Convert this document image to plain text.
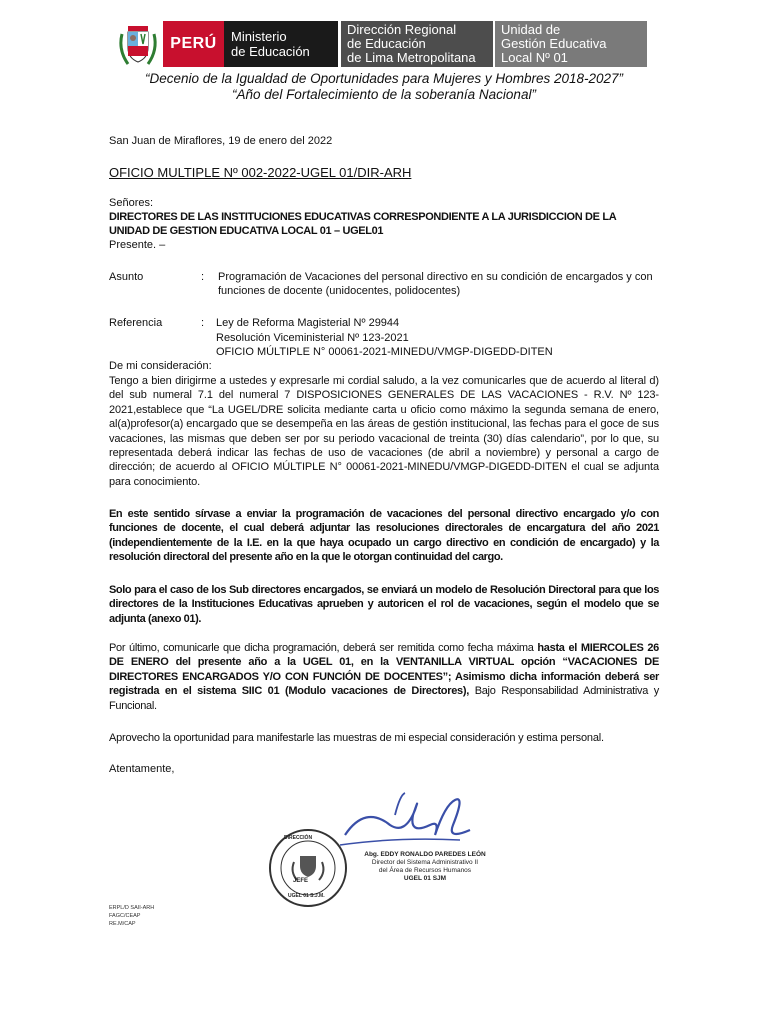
PERÚ	Ministerio
de Educación
Dirección Regional
de Educación
de Lima Metropolitana
Unidad de
Gestión Educativa
Local Nº 01
“Decenio de la Igualdad de Oportunidades para Mujeres y Hombres 2018-2027”
“Año del Fortalecimiento de la soberanía Nacional”
San Juan de Miraflores, 19 de enero del 2022
OFICIO MULTIPLE Nº 002-2022-UGEL 01/DIR-ARH
Señores:
DIRECTORES DE LAS INSTITUCIONES EDUCATIVAS CORRESPONDIENTE A LA JURISDICCION DE LA UNIDAD DE GESTION EDUCATIVA LOCAL 01 – UGEL01
Presente. –
Asunto	: Programación de Vacaciones del personal directivo en su condición de encargados y con funciones de docente (unidocentes, polidocentes)
Referencia	: Ley de Reforma Magisterial Nº 29944
Resolución Viceministerial Nº 123-2021
OFICIO MÚLTIPLE N° 00061-2021-MINEDU/VMGP-DIGEDD-DITEN
De mi consideración:
Tengo a bien dirigirme a ustedes y expresarle mi cordial saludo, a la vez comunicarles que de acuerdo al literal d) del sub numeral 7.1 del numeral 7 DISPOSICIONES GENERALES DE LAS VACACIONES - R.V. Nº 123-2021,establece que “La UGEL/DRE solicita mediante carta u oficio como máximo la segunda semana de enero, al(a)profesor(a) encargado que se desempeña en las áreas de gestión institucional, las fechas para el goce de sus vacaciones, las mismas que deben ser por su periodo vacacional de treinta (30) días calendario”, por lo que, su representada deberá indicar las fechas de uso de vacaciones (de abril a noviembre) y personal a cargo de dirección; de acuerdo al OFICIO MÚLTIPLE N° 00061-2021-MINEDU/VMGP-DIGEDD-DITEN el cual se adjunta para conocimiento.
En este sentido sírvase a enviar la programación de vacaciones del personal directivo encargado y/o con funciones de docente, el cual deberá adjuntar las resoluciones directorales de encargatura del año 2021 (independientemente de la I.E. en la que haya ocupado un cargo directivo en condición de encargado) y la resolución directoral del presente año en la que le otorgan continuidad del cargo.
Solo para el caso de los Sub directores encargados, se enviará un modelo de Resolución Directoral para que los directores de la Instituciones Educativas aprueben y autoricen el rol de vacaciones, según el modelo que se adjunta (anexo 01).
Por último, comunicarle que dicha programación, deberá ser remitida como fecha máxima hasta el MIERCOLES 26 DE ENERO del presente año a la UGEL 01, en la VENTANILLA VIRTUAL opción “VACACIONES DE DIRECTORES ENCARGADOS Y/O CON FUNCIÓN DE DOCENTES”; Asimismo dicha información deberá ser registrada en el sistema SIIC 01 (Modulo vacaciones de Directores), Bajo Responsabilidad Administrativa y Funcional.
Aprovecho la oportunidad para manifestarle las muestras de mi especial consideración y estima personal.
Atentamente,
JEFE
DIRECCIÓN
UGEL 01 S.J.M.
Abg. EDDY RONALDO PAREDES LEÓN
Director del Sistema Administrativo II
del Área de Recursos Humanos
UGEL 01 SJM
ERPL/D SAII-ARH
FAGC/CEAP
RE.M/CAP
